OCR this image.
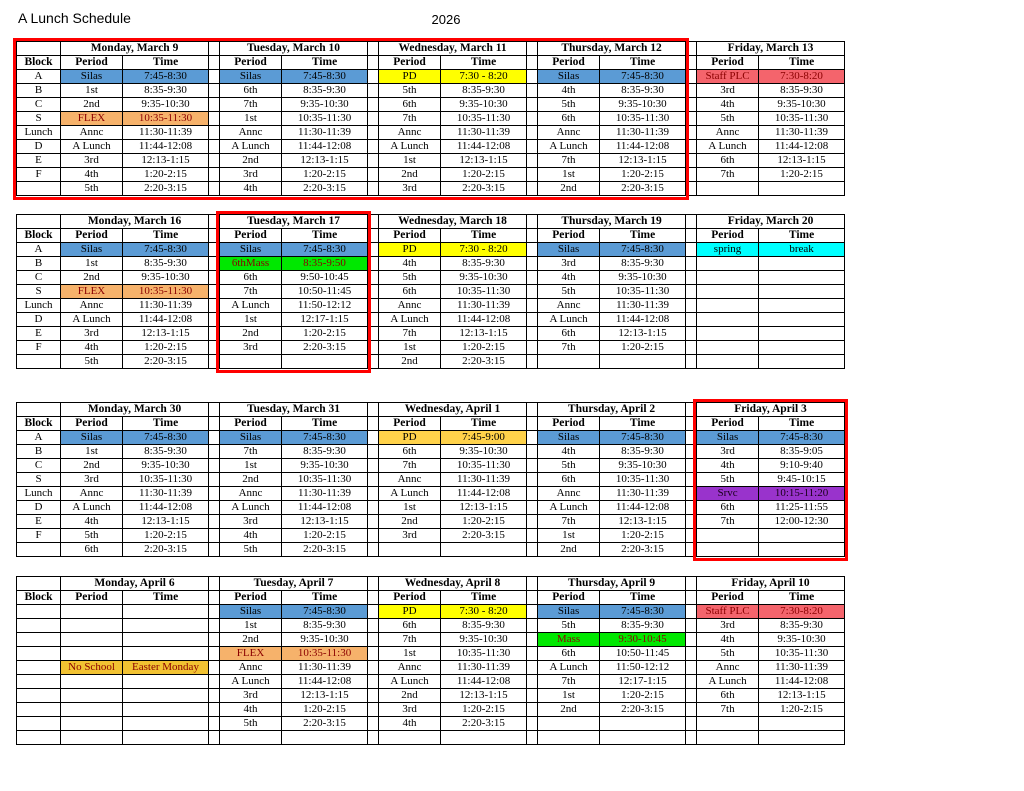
A Lunch Schedule	2026
	Monday, March 9			Tuesday, March 10			Wednesday, March 11			Thursday, March 12			Friday, March 13	
Block	Period	Time		Period	Time		Period	Time		Period	Time		Period	Time
A	Silas	7:45-8:30		Silas	7:45-8:30		PD	7:30 - 8:20		Silas	7:45-8:30		Staff PLC	7:30-8:20
B	1st	8:35-9:30		6th	8:35-9:30		5th	8:35-9:30		4th	8:35-9:30		3rd	8:35-9:30
C	2nd	9:35-10:30		7th	9:35-10:30		6th	9:35-10:30		5th	9:35-10:30		4th	9:35-10:30
S	FLEX	10:35-11:30		1st	10:35-11:30		7th	10:35-11:30		6th	10:35-11:30		5th	10:35-11:30
Lunch	Annc	11:30-11:39		Annc	11:30-11:39		Annc	11:30-11:39		Annc	11:30-11:39		Annc	11:30-11:39
D	A Lunch	11:44-12:08		A Lunch	11:44-12:08		A Lunch	11:44-12:08		A Lunch	11:44-12:08		A Lunch	11:44-12:08
E	3rd	12:13-1:15		2nd	12:13-1:15		1st	12:13-1:15		7th	12:13-1:15		6th	12:13-1:15
F	4th	1:20-2:15		3rd	1:20-2:15		2nd	1:20-2:15		1st	1:20-2:15		7th	1:20-2:15
	5th	2:20-3:15		4th	2:20-3:15		3rd	2:20-3:15		2nd	2:20-3:15			
	Monday, March 16			Tuesday, March 17			Wednesday, March 18			Thursday, March 19			Friday, March 20	
Block	Period	Time		Period	Time		Period	Time		Period	Time		Period	Time
A	Silas	7:45-8:30		Silas	7:45-8:30		PD	7:30 - 8:20		Silas	7:45-8:30		spring	break
B	1st	8:35-9:30		6thMass	8:35-9:50		4th	8:35-9:30		3rd	8:35-9:30			
C	2nd	9:35-10:30		6th	9:50-10:45		5th	9:35-10:30		4th	9:35-10:30			
S	FLEX	10:35-11:30		7th	10:50-11:45		6th	10:35-11:30		5th	10:35-11:30			
Lunch	Annc	11:30-11:39		A Lunch	11:50-12:12		Annc	11:30-11:39		Annc	11:30-11:39			
D	A Lunch	11:44-12:08		1st	12:17-1:15		A Lunch	11:44-12:08		A Lunch	11:44-12:08			
E	3rd	12:13-1:15		2nd	1:20-2:15		7th	12:13-1:15		6th	12:13-1:15			
F	4th	1:20-2:15		3rd	2:20-3:15		1st	1:20-2:15		7th	1:20-2:15			
	5th	2:20-3:15					2nd	2:20-3:15						
	Monday, March 30			Tuesday, March 31			Wednesday, April 1			Thursday, April 2			Friday, April 3	
Block	Period	Time		Period	Time		Period	Time		Period	Time		Period	Time
A	Silas	7:45-8:30		Silas	7:45-8:30		PD	7:45-9:00		Silas	7:45-8:30		Silas	7:45-8:30
B	1st	8:35-9:30		7th	8:35-9:30		6th	9:35-10:30		4th	8:35-9:30		3rd	8:35-9:05
C	2nd	9:35-10:30		1st	9:35-10:30		7th	10:35-11:30		5th	9:35-10:30		4th	9:10-9:40
S	3rd	10:35-11:30		2nd	10:35-11:30		Annc	11:30-11:39		6th	10:35-11:30		5th	9:45-10:15
Lunch	Annc	11:30-11:39		Annc	11:30-11:39		A Lunch	11:44-12:08		Annc	11:30-11:39		Srvc	10:15-11:20
D	A Lunch	11:44-12:08		A Lunch	11:44-12:08		1st	12:13-1:15		A Lunch	11:44-12:08		6th	11:25-11:55
E	4th	12:13-1:15		3rd	12:13-1:15		2nd	1:20-2:15		7th	12:13-1:15		7th	12:00-12:30
F	5th	1:20-2:15		4th	1:20-2:15		3rd	2:20-3:15		1st	1:20-2:15			
	6th	2:20-3:15		5th	2:20-3:15					2nd	2:20-3:15			
	Monday, April 6			Tuesday, April 7			Wednesday, April 8			Thursday, April 9			Friday, April 10	
Block	Period	Time		Period	Time		Period	Time		Period	Time		Period	Time
				Silas	7:45-8:30		PD	7:30 - 8:20		Silas	7:45-8:30		Staff PLC	7:30-8:20
				1st	8:35-9:30		6th	8:35-9:30		5th	8:35-9:30		3rd	8:35-9:30
				2nd	9:35-10:30		7th	9:35-10:30		Mass	9:30-10:45		4th	9:35-10:30
				FLEX	10:35-11:30		1st	10:35-11:30		6th	10:50-11:45		5th	10:35-11:30
	No School	Easter Monday		Annc	11:30-11:39		Annc	11:30-11:39		A Lunch	11:50-12:12		Annc	11:30-11:39
				A Lunch	11:44-12:08		A Lunch	11:44-12:08		7th	12:17-1:15		A Lunch	11:44-12:08
				3rd	12:13-1:15		2nd	12:13-1:15		1st	1:20-2:15		6th	12:13-1:15
				4th	1:20-2:15		3rd	1:20-2:15		2nd	2:20-3:15		7th	1:20-2:15
				5th	2:20-3:15		4th	2:20-3:15						
